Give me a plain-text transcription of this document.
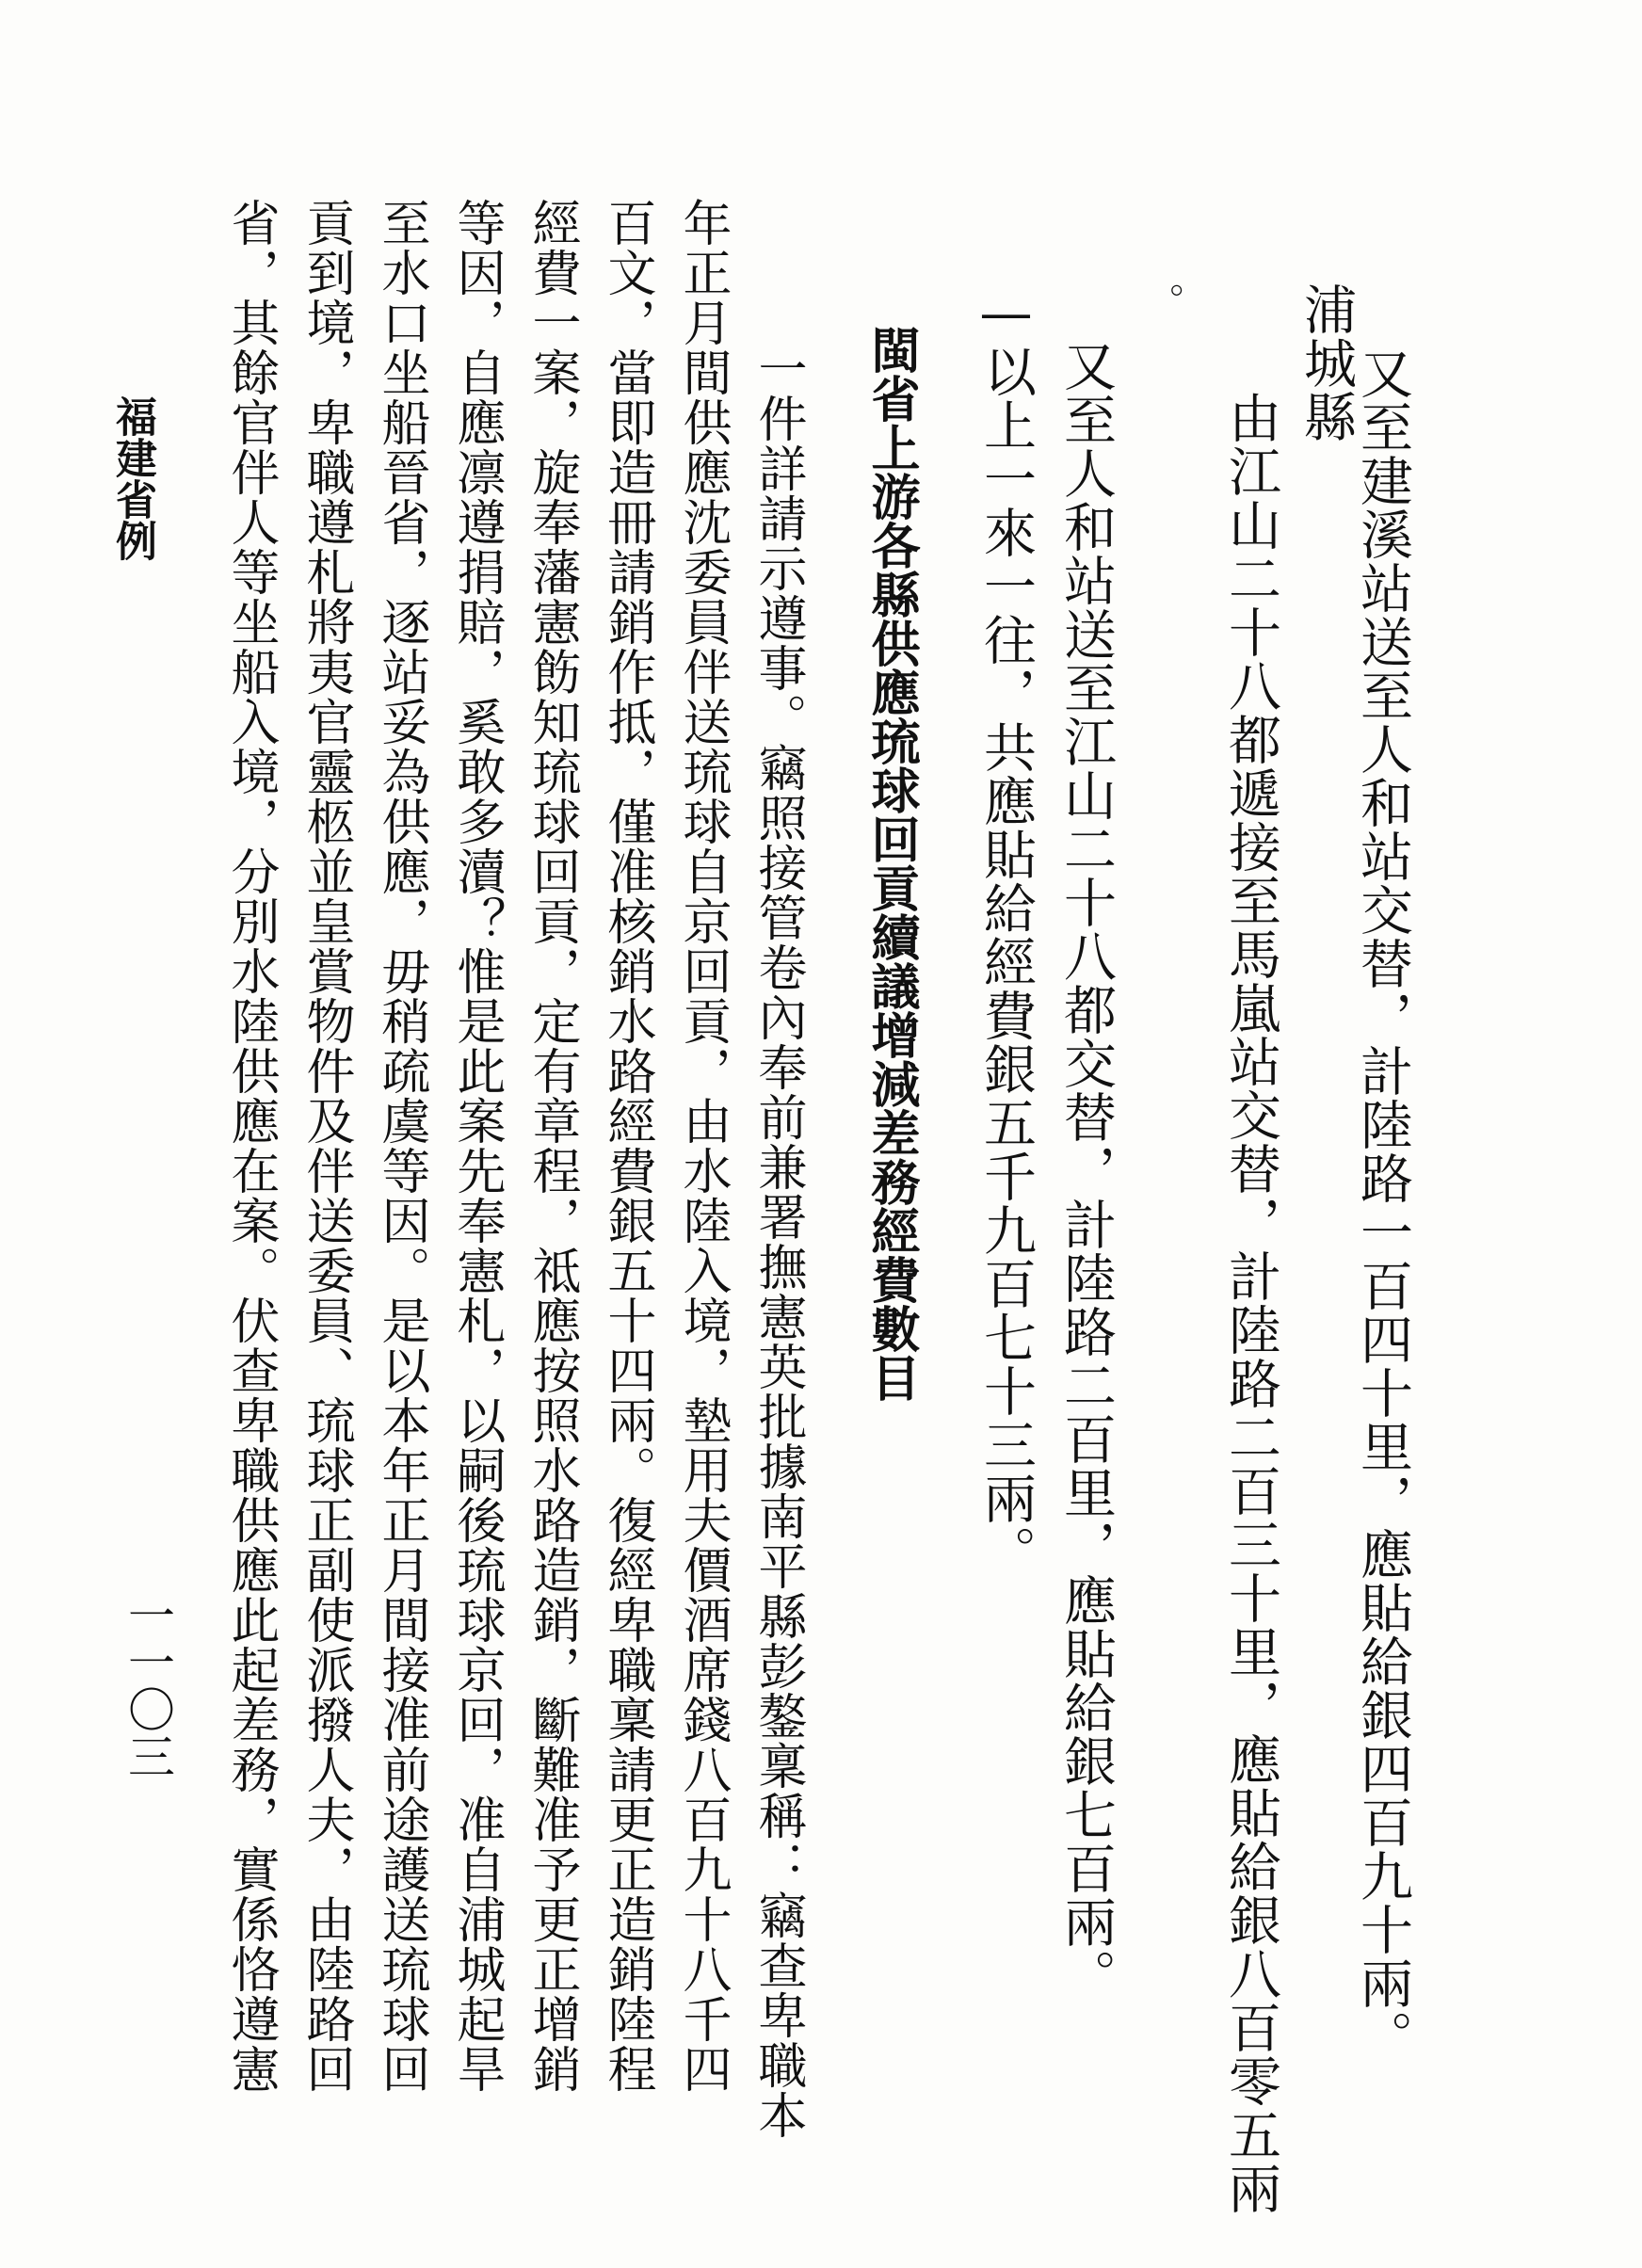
又至建溪站送至人和站交替，計陸路一百四十里，應貼給銀四百九十兩。
浦城縣
由江山二十八都遞接至馬嵐站交替，計陸路二百三十里，應貼給銀八百零五兩
。
又至人和站送至江山二十八都交替，計陸路二百里，應貼給銀七百兩。
—以上一來一往，共應貼給經費銀五千九百七十三兩。
閩省上游各縣供應琉球回貢續議增減差務經費數目
一件詳請示遵事。竊照接管卷內奉前兼署撫憲英批據南平縣彭鏊稟稱：竊查卑職本
年正月間供應沈委員伴送琉球自京回貢，由水陸入境，墊用夫價酒席錢八百九十八千四
百文，當即造冊請銷作抵，僅准核銷水路經費銀五十四兩。復經卑職稟請更正造銷陸程
經費一案，旋奉藩憲飭知琉球回貢，定有章程，祗應按照水路造銷，斷難准予更正增銷
等因，自應凛遵捐賠，奚敢多瀆？惟是此案先奉憲札，以嗣後琉球京回，准自浦城起旱
至水口坐船晉省，逐站妥為供應，毋稍疏虞等因。是以本年正月間接准前途護送琉球回
貢到境，卑職遵札將夷官靈柩並皇賞物件及伴送委員、琉球正副使派撥人夫，由陸路回
省，其餘官伴人等坐船入境，分別水陸供應在案。伏查卑職供應此起差務，實係恪遵憲
福建省例
一一〇三
